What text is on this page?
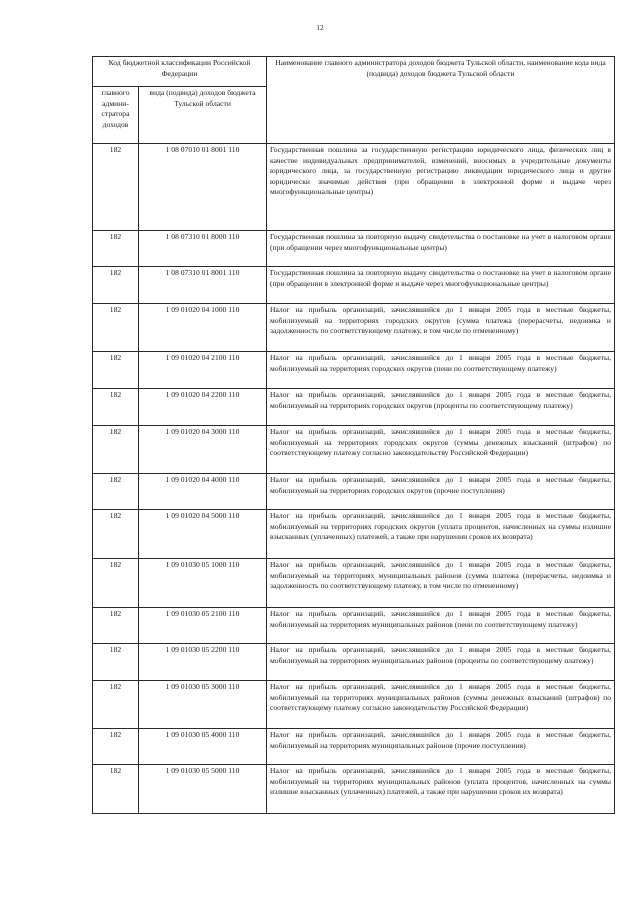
12
Код бюджетной классификации Российской Федерации		Наименование главного администратора доходов бюджета Тульской области, наименование кода вида (подвида) доходов бюджета Тульской области
главного админи-стратора доходов	вида (подвида) доходов бюджета Тульской области	
182	1 08 07010 01 8001 110	Государственная пошлина за государственную регистрацию юридического лица, физических лиц в качестве индивидуальных предпринимателей, изменений, вносимых в учредительные документы юридического лица, за государственную регистрацию ликвидации юридического лица и другие юридически значимые действия (при обращении в электронной форме и выдаче через многофункциональные центры)
182	1 08 07310 01 8000 110	Государственная пошлина за повторную выдачу свидетельства о постановке на учет в налоговом органе (при обращении через многофункциональные центры)
182	1 08 07310 01 8001 110	Государственная пошлина за повторную выдачу свидетельства о постановке на учет в налоговом органе (при обращении в электронной форме и выдаче через многофункциональные центры)
182	1 09 01020 04 1000 110	Налог на прибыль организаций, зачислявшийся до 1 января 2005 года в местные бюджеты, мобилизуемый на территориях городских округов (сумма платежа (перерасчеты, недоимка и задолженность по соответствующему платежу, в том числе по отмененному)
182	1 09 01020 04 2100 110	Налог на прибыль организаций, зачислявшийся до 1 января 2005 года в местные бюджеты, мобилизуемый на территориях городских округов (пени по соответствующему платежу)
182	1 09 01020 04 2200 110	Налог на прибыль организаций, зачислявшийся до 1 января 2005 года в местные бюджеты, мобилизуемый на территориях городских округов (проценты по соответствующему платежу)
182	1 09 01020 04 3000 110	Налог на прибыль организаций, зачислявшийся до 1 января 2005 года в местные бюджеты, мобилизуемый на территориях городских округов (суммы денежных взысканий (штрафов) по соответствующему платежу согласно законодательству Российской Федерации)
182	1 09 01020 04 4000 110	Налог на прибыль организаций, зачислявшийся до 1 января 2005 года в местные бюджеты, мобилизуемый на территориях городских округов (прочие поступления)
182	1 09 01020 04 5000 110	Налог на прибыль организаций, зачислявшийся до 1 января 2005 года в местные бюджеты, мобилизуемый на территориях городских округов (уплата процентов, начисленных на суммы излишне взысканных (уплаченных) платежей, а также при нарушении сроков их возврата)
182	1 09 01030 05 1000 110	Налог на прибыль организаций, зачислявшийся до 1 января 2005 года в местные бюджеты, мобилизуемый на территориях муниципальных районов (сумма платежа (перерасчеты, недоимка и задолженность по соответствующему платежу, в том числе по отмененному)
182	1 09 01030 05 2100 110	Налог на прибыль организаций, зачислявшийся до 1 января 2005 года в местные бюджеты, мобилизуемый на территориях муниципальных районов (пени по соответствующему платежу)
182	1 09 01030 05 2200 110	Налог на прибыль организаций, зачислявшийся до 1 января 2005 года в местные бюджеты, мобилизуемый на территориях муниципальных районов (проценты по соответствующему платежу)
182	1 09 01030 05 3000 110	Налог на прибыль организаций, зачислявшийся до 1 января 2005 года в местные бюджеты, мобилизуемый на территориях муниципальных районов (суммы денежных взысканий (штрафов) по соответствующему платежу согласно законодательству Российской Федерации)
182	1 09 01030 05 4000 110	Налог на прибыль организаций, зачислявшийся до 1 января 2005 года в местные бюджеты, мобилизуемый на территориях муниципальных районов (прочие поступления)
182	1 09 01030 05 5000 110	Налог на прибыль организаций, зачислявшийся до 1 января 2005 года в местные бюджеты, мобилизуемый на территориях муниципальных районов (уплата процентов, начисленных на суммы излишне взысканных (уплаченных) платежей, а также при нарушении сроков их возврата)
